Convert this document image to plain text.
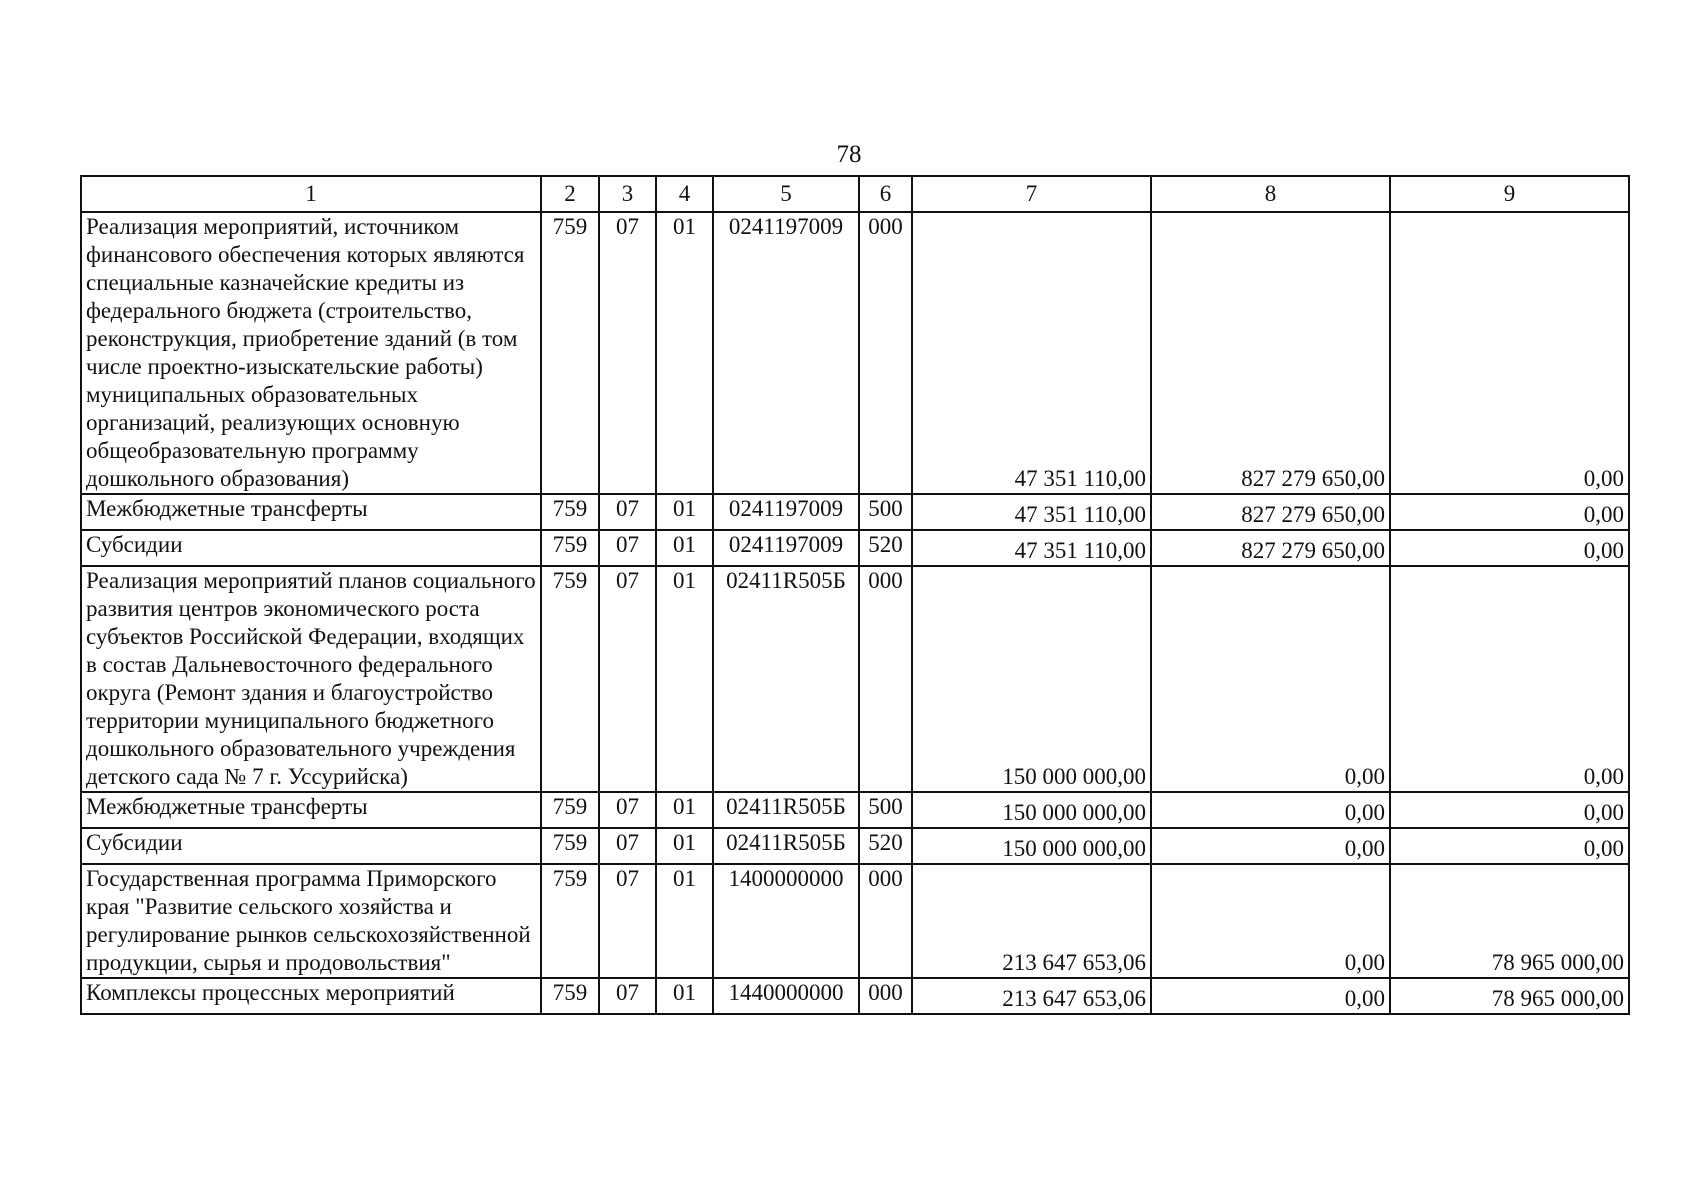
78
1	2	3	4	5	6	7	8	9
Реализация мероприятий, источником финансового обеспечения которых являются специальные казначейские кредиты из федерального бюджета (строительство, реконструкция, приобретение зданий (в том числе проектно-изыскательские работы) муниципальных образовательных организаций, реализующих основную общеобразовательную программу дошкольного образования)	759	07	01	0241197009	000	47 351 110,00	827 279 650,00	0,00
Межбюджетные трансферты	759	07	01	0241197009	500	47 351 110,00	827 279 650,00	0,00
Субсидии	759	07	01	0241197009	520	47 351 110,00	827 279 650,00	0,00
Реализация мероприятий планов социального развития центров экономического роста субъектов Российской Федерации, входящих в состав Дальневосточного федерального округа (Ремонт здания и благоустройство территории муниципального бюджетного дошкольного образовательного учреждения детского сада № 7 г. Уссурийска)	759	07	01	02411R505Б	000	150 000 000,00	0,00	0,00
Межбюджетные трансферты	759	07	01	02411R505Б	500	150 000 000,00	0,00	0,00
Субсидии	759	07	01	02411R505Б	520	150 000 000,00	0,00	0,00
Государственная программа Приморского края "Развитие сельского хозяйства и регулирование рынков сельскохозяйственной продукции, сырья и продовольствия"	759	07	01	1400000000	000	213 647 653,06	0,00	78 965 000,00
Комплексы процессных мероприятий	759	07	01	1440000000	000	213 647 653,06	0,00	78 965 000,00
